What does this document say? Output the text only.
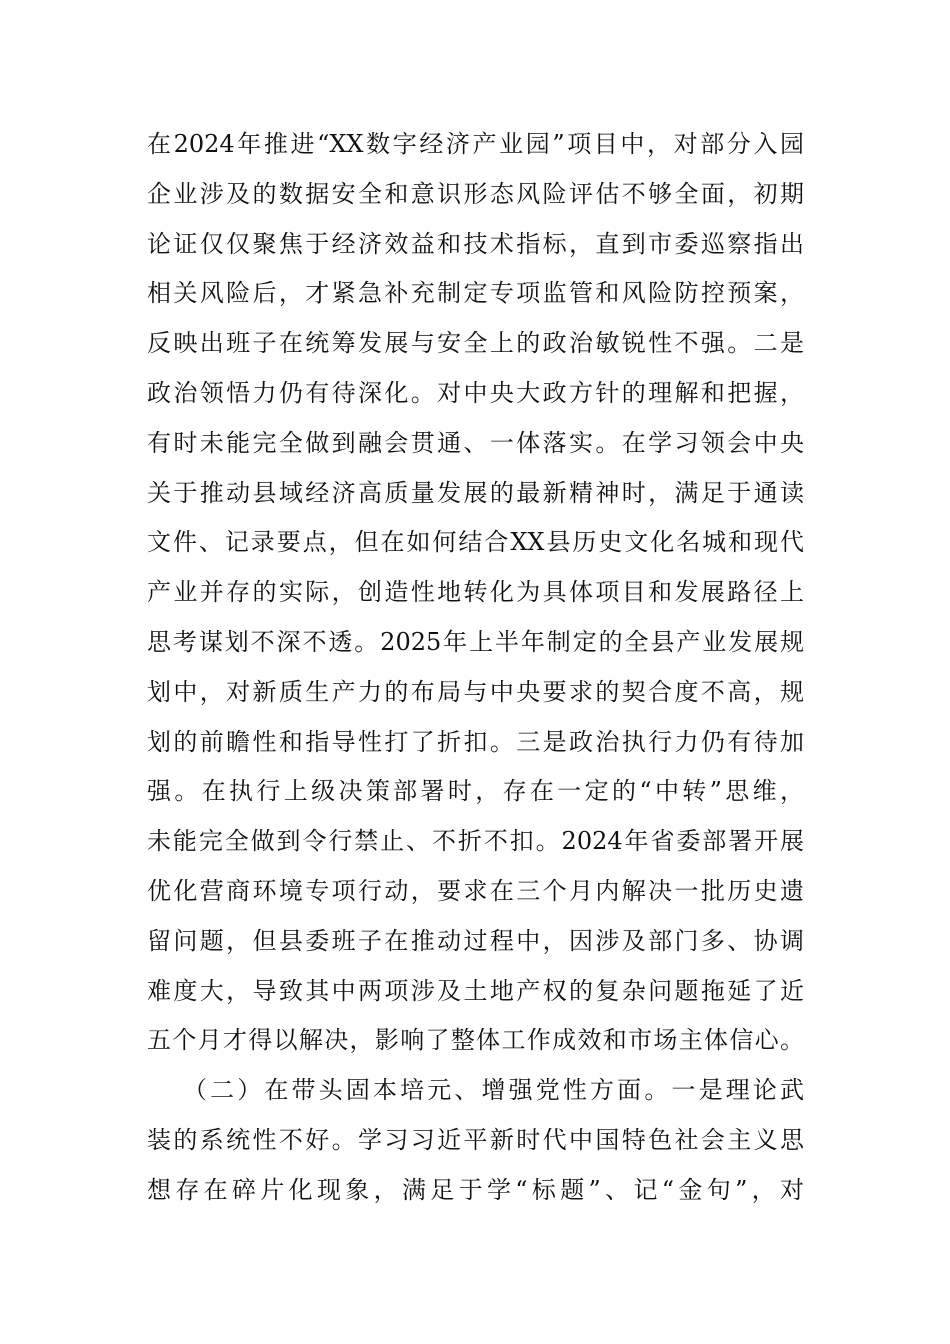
在2024年推进“XX数字经济产业园”项目中，对部分入园
企业涉及的数据安全和意识形态风险评估不够全面，初期
论证仅仅聚焦于经济效益和技术指标，直到市委巡察指出
相关风险后，才紧急补充制定专项监管和风险防控预案，
反映出班子在统筹发展与安全上的政治敏锐性不强。二是
政治领悟力仍有待深化。对中央大政方针的理解和把握，
有时未能完全做到融会贯通、一体落实。在学习领会中央
关于推动县域经济高质量发展的最新精神时，满足于通读
文件、记录要点，但在如何结合XX县历史文化名城和现代
产业并存的实际，创造性地转化为具体项目和发展路径上
思考谋划不深不透。2025年上半年制定的全县产业发展规
划中，对新质生产力的布局与中央要求的契合度不高，规
划的前瞻性和指导性打了折扣。三是政治执行力仍有待加
强。在执行上级决策部署时，存在一定的“中转”思维，
未能完全做到令行禁止、不折不扣。2024年省委部署开展
优化营商环境专项行动，要求在三个月内解决一批历史遗
留问题，但县委班子在推动过程中，因涉及部门多、协调
难度大，导致其中两项涉及土地产权的复杂问题拖延了近
五个月才得以解决，影响了整体工作成效和市场主体信心。
（二）在带头固本培元、增强党性方面。一是理论武
装的系统性不好。学习习近平新时代中国特色社会主义思
想存在碎片化现象，满足于学“标题”、记“金句”，对
